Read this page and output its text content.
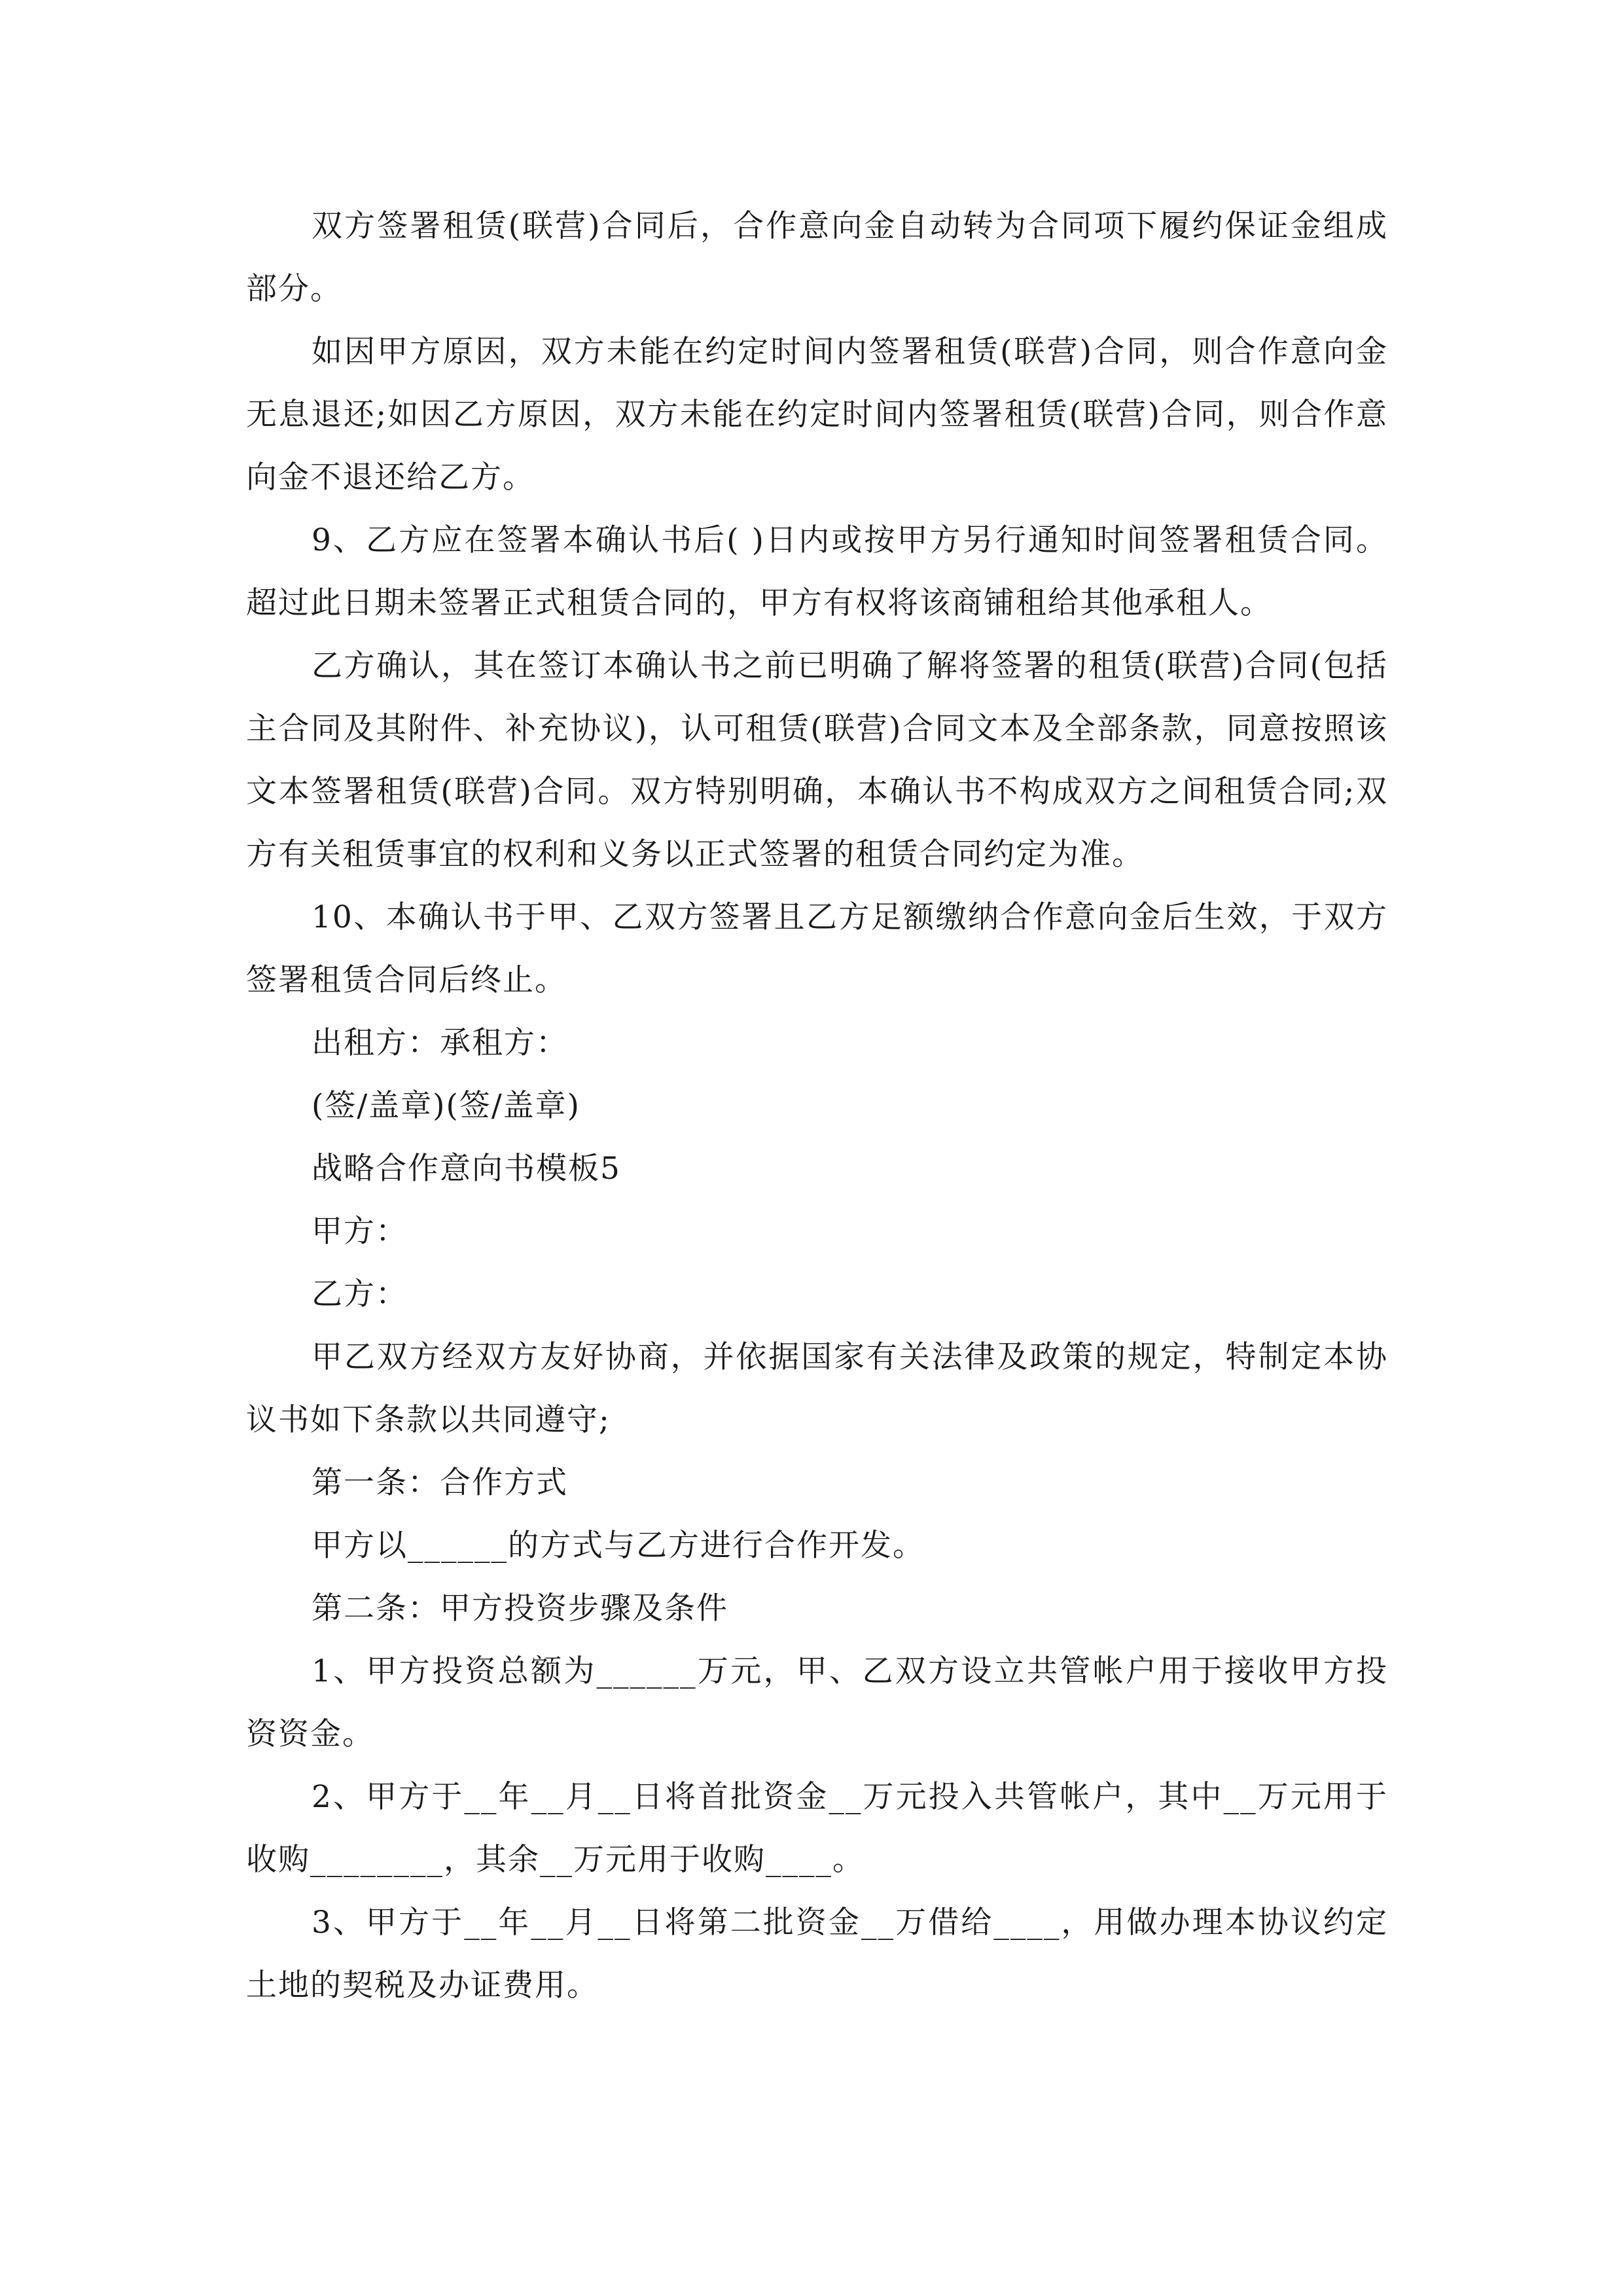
双方签署租赁(联营)合同后，合作意向金自动转为合同项下履约保证金组成部分。

如因甲方原因，双方未能在约定时间内签署租赁(联营)合同，则合作意向金无息退还;如因乙方原因，双方未能在约定时间内签署租赁(联营)合同，则合作意向金不退还给乙方。

9、乙方应在签署本确认书后( )日内或按甲方另行通知时间签署租赁合同。超过此日期未签署正式租赁合同的，甲方有权将该商铺租给其他承租人。

乙方确认，其在签订本确认书之前已明确了解将签署的租赁(联营)合同(包括主合同及其附件、补充协议)，认可租赁(联营)合同文本及全部条款，同意按照该文本签署租赁(联营)合同。双方特别明确，本确认书不构成双方之间租赁合同;双方有关租赁事宜的权利和义务以正式签署的租赁合同约定为准。

10、本确认书于甲、乙双方签署且乙方足额缴纳合作意向金后生效，于双方签署租赁合同后终止。

出租方：承租方：

(签/盖章)(签/盖章)

战略合作意向书模板5

甲方：

乙方：

甲乙双方经双方友好协商，并依据国家有关法律及政策的规定，特制定本协议书如下条款以共同遵守;

第一条：合作方式

甲方以______的方式与乙方进行合作开发。

第二条：甲方投资步骤及条件

1、甲方投资总额为______万元，甲、乙双方设立共管帐户用于接收甲方投资资金。

2、甲方于__年__月__日将首批资金__万元投入共管帐户，其中__万元用于收购________，其余__万元用于收购____。

3、甲方于__年__月__日将第二批资金__万借给____，用做办理本协议约定土地的契税及办证费用。
